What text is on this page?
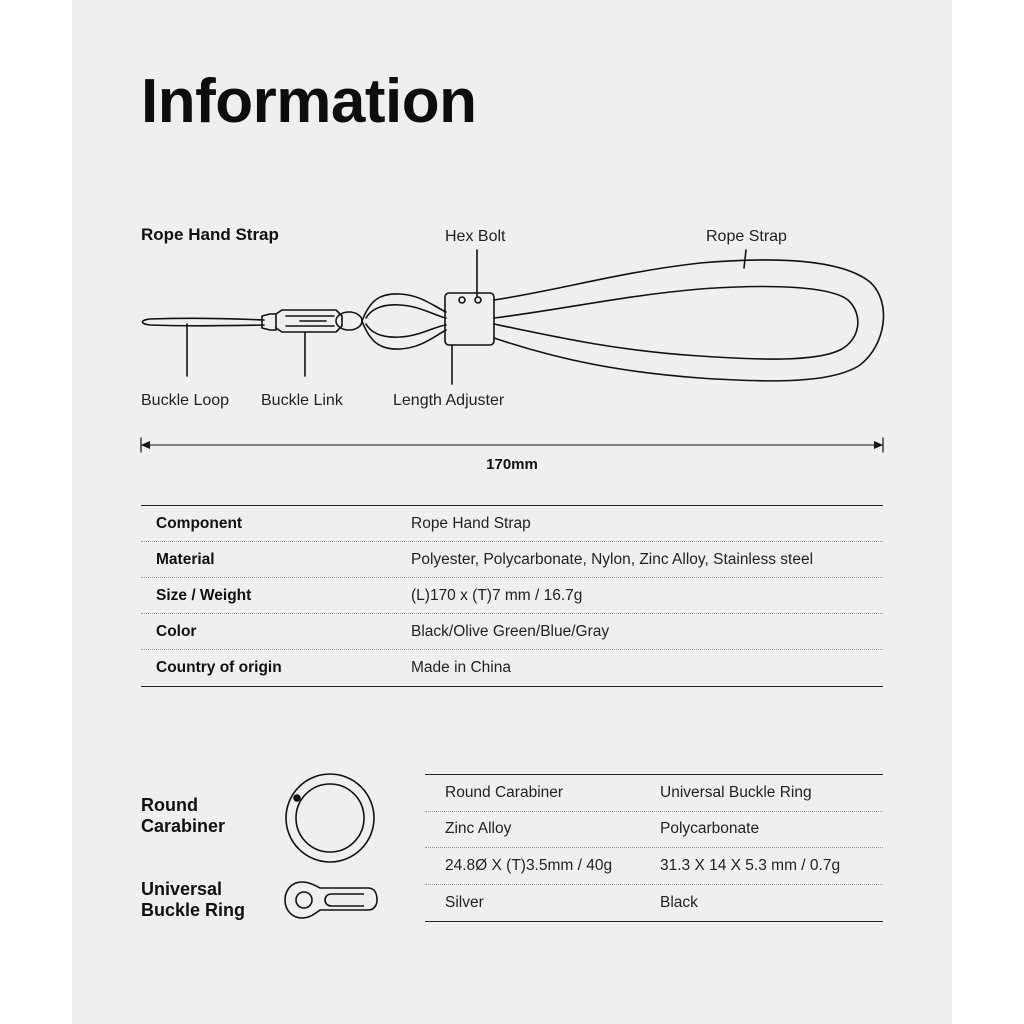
Information
Rope Hand Strap	Hex Bolt	Rope Strap
Buckle Loop Buckle Link	Length Adjuster
170mm
Component	Rope Hand Strap
Material	Polyester, Polycarbonate, Nylon, Zinc Alloy, Stainless steel
Size / Weight	(L)170 x (T)7 mm / 16.7g
Color	Black/Olive Green/Blue/Gray
Country of origin	Made in China
Round
Carabiner
Universal
Buckle Ring
Round Carabiner	Universal Buckle Ring
Zinc Alloy	Polycarbonate
24.8Ø X (T)3.5mm / 40g	31.3 X 14 X 5.3 mm / 0.7g
Silver	Black
